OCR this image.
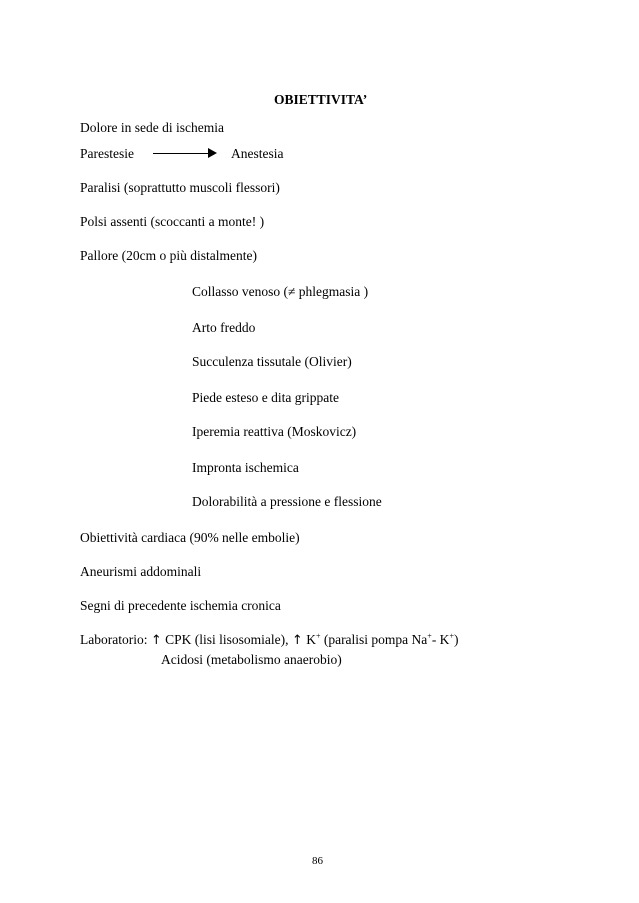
OBIETTIVITA’
Dolore in sede di ischemia
Parestesie	Anestesia
Paralisi (soprattutto muscoli flessori)
Polsi assenti (scoccanti a monte! )
Pallore (20cm o più distalmente)
Collasso venoso (≠ phlegmasia )
Arto freddo
Succulenza tissutale (Olivier)
Piede esteso e dita grippate
Iperemia reattiva (Moskovicz)
Impronta ischemica
Dolorabilità a pressione e flessione
Obiettività cardiaca (90% nelle embolie)
Aneurismi addominali
Segni di precedente ischemia cronica
Laboratorio: ↑ CPK (lisi lisosomiale), ↑ K+ (paralisi pompa Na+- K+)
Acidosi (metabolismo anaerobio)
86
